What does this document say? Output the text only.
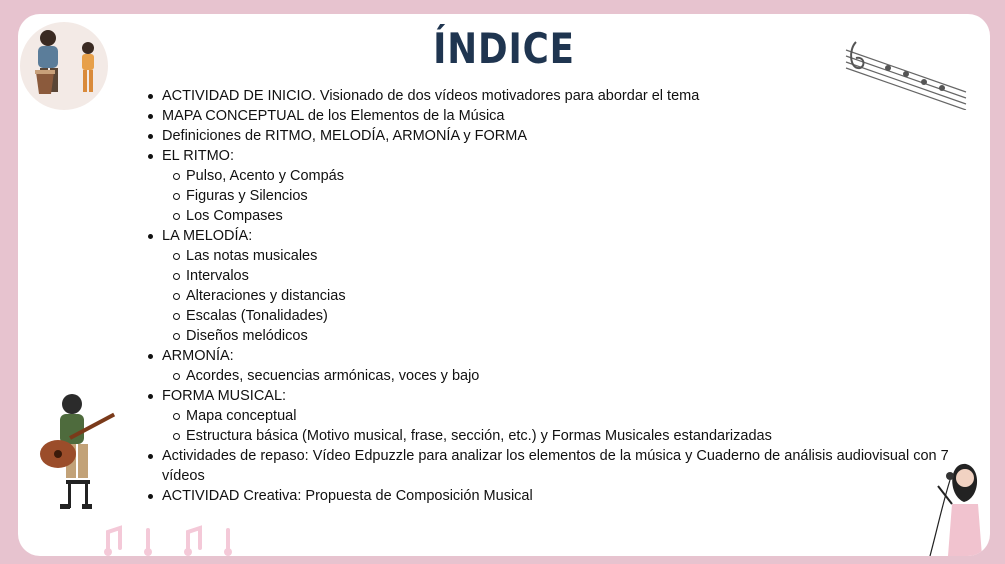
ÍNDICE
ACTIVIDAD DE INICIO. Visionado de dos vídeos motivadores para abordar el tema
MAPA CONCEPTUAL de los Elementos de la Música
Definiciones de RITMO, MELODÍA, ARMONÍA y FORMA
EL RITMO:
Pulso, Acento y Compás
Figuras y Silencios
Los Compases
LA MELODÍA:
Las notas musicales
Intervalos
Alteraciones y distancias
Escalas (Tonalidades)
Diseños melódicos
ARMONÍA:
Acordes, secuencias armónicas, voces y bajo
FORMA MUSICAL:
Mapa conceptual
Estructura básica (Motivo musical, frase, sección, etc.) y Formas Musicales estandarizadas
Actividades de repaso: Vídeo Edpuzzle para analizar los elementos de la música y Cuaderno de análisis audiovisual con 7 vídeos
ACTIVIDAD Creativa: Propuesta de Composición Musical
